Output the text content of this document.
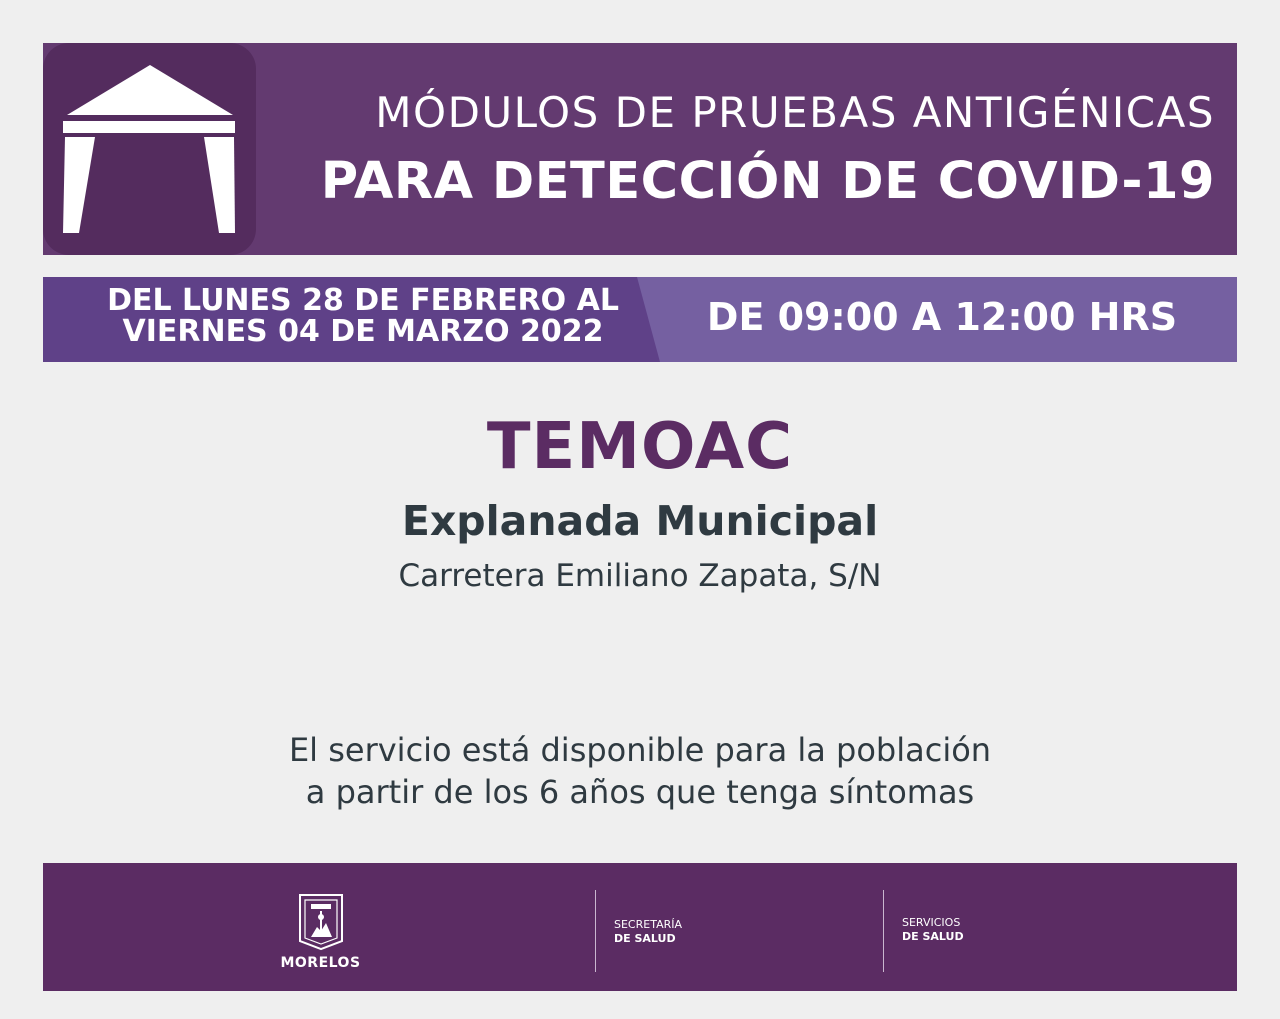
MÓDULOS DE PRUEBAS ANTIGÉNICAS
PARA DETECCIÓN DE COVID-19
DEL LUNES 28 DE FEBRERO AL
VIERNES 04 DE MARZO 2022	DE 09:00 A 12:00 HRS
TEMOAC
Explanada Municipal
Carretera Emiliano Zapata, S/N
El servicio está disponible para la población
a partir de los 6 años que tenga síntomas
MORELOS
SECRETARÍA
DE SALUD
SERVICIOS
DE SALUD
